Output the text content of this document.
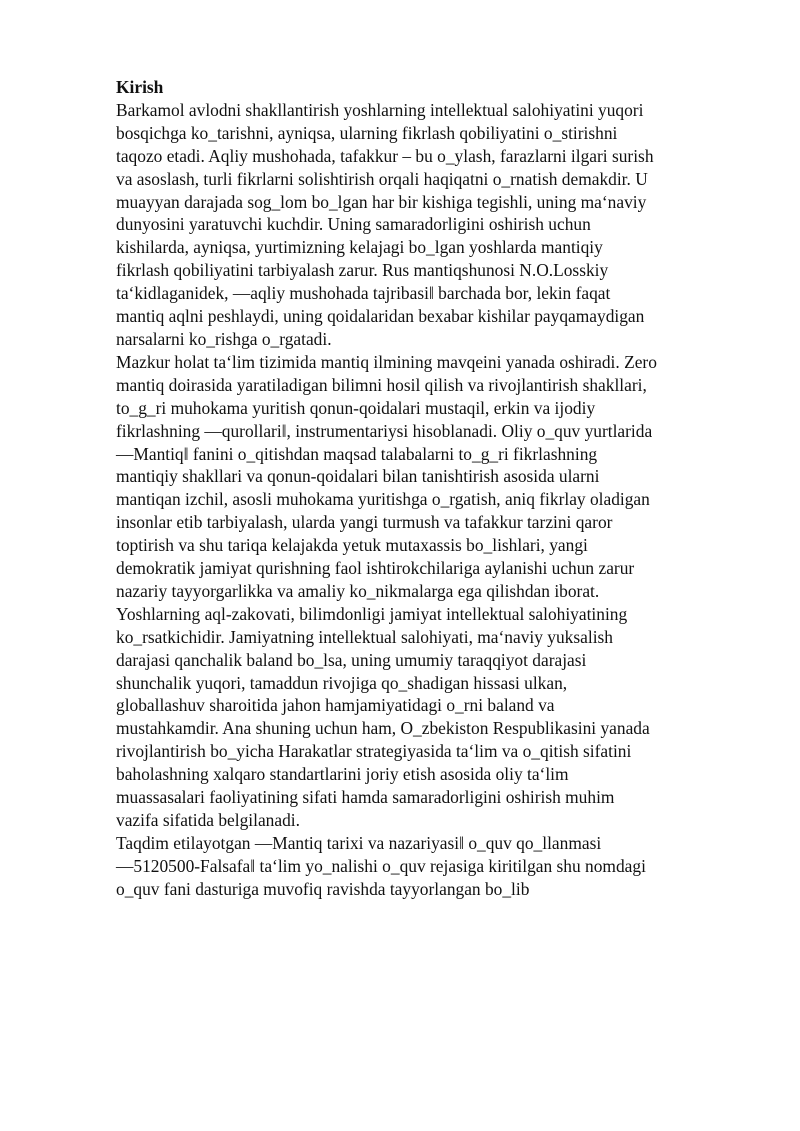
Kirish
Barkamol avlodni shakllantirish yoshlarning intellektual salohiyatini yuqori
bosqichga ko_tarishni, ayniqsa, ularning fikrlash qobiliyatini o_stirishni
taqozo etadi. Aqliy mushohada, tafakkur – bu o_ylash, farazlarni ilgari surish
va asoslash, turli fikrlarni solishtirish orqali haqiqatni o_rnatish demakdir. U
muayyan darajada sog_lom bo_lgan har bir kishiga tegishli, uning ma‘naviy
dunyosini yaratuvchi kuchdir. Uning samaradorligini oshirish uchun
kishilarda, ayniqsa, yurtimizning kelajagi bo_lgan yoshlarda mantiqiy
fikrlash qobiliyatini tarbiyalash zarur. Rus mantiqshunosi N.O.Losskiy
ta‘kidlaganidek, ―aqliy mushohada tajribasi‖ barchada bor, lekin faqat
mantiq aqlni peshlaydi, uning qoidalaridan bexabar kishilar payqamaydigan
narsalarni ko_rishga o_rgatadi.
Mazkur holat ta‘lim tizimida mantiq ilmining mavqeini yanada oshiradi. Zero
mantiq doirasida yaratiladigan bilimni hosil qilish va rivojlantirish shakllari,
to_g_ri muhokama yuritish qonun-qoidalari mustaqil, erkin va ijodiy
fikrlashning ―qurollari‖, instrumentariysi hisoblanadi. Oliy o_quv yurtlarida
―Mantiq‖ fanini o_qitishdan maqsad talabalarni to_g_ri fikrlashning
mantiqiy shakllari va qonun-qoidalari bilan tanishtirish asosida ularni
mantiqan izchil, asosli muhokama yuritishga o_rgatish, aniq fikrlay oladigan
insonlar etib tarbiyalash, ularda yangi turmush va tafakkur tarzini qaror
toptirish va shu tariqa kelajakda yetuk mutaxassis bo_lishlari, yangi
demokratik jamiyat qurishning faol ishtirokchilariga aylanishi uchun zarur
nazariy tayyorgarlikka va amaliy ko_nikmalarga ega qilishdan iborat.
Yoshlarning aql-zakovati, bilimdonligi jamiyat intellektual salohiyatining
ko_rsatkichidir. Jamiyatning intellektual salohiyati, ma‘naviy yuksalish
darajasi qanchalik baland bo_lsa, uning umumiy taraqqiyot darajasi
shunchalik yuqori, tamaddun rivojiga qo_shadigan hissasi ulkan,
globallashuv sharoitida jahon hamjamiyatidagi o_rni baland va
mustahkamdir. Ana shuning uchun ham, O_zbekiston Respublikasini yanada
rivojlantirish bo_yicha Harakatlar strategiyasida ta‘lim va o_qitish sifatini
baholashning xalqaro standartlarini joriy etish asosida oliy ta‘lim
muassasalari faoliyatining sifati hamda samaradorligini oshirish muhim
vazifa sifatida belgilanadi.
Taqdim etilayotgan ―Mantiq tarixi va nazariyasi‖ o_quv qo_llanmasi
―5120500-Falsafa‖ ta‘lim yo_nalishi o_quv rejasiga kiritilgan shu nomdagi
o_quv fani dasturiga muvofiq ravishda tayyorlangan bo_lib
